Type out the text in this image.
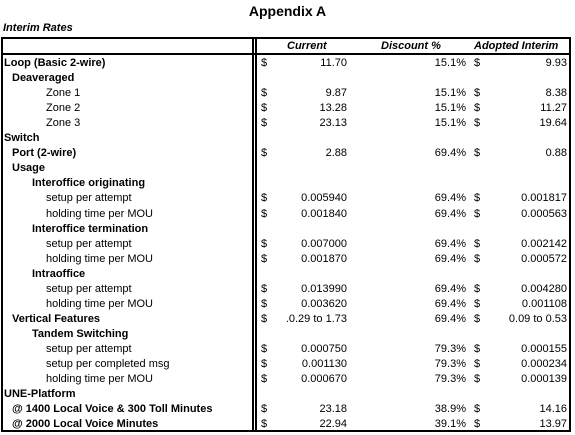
Appendix A
Interim Rates
Current	Discount %	Adopted Interim
Loop (Basic 2-wire)	$	11.70	15.1% $	9.93
Deaveraged
Zone 1	$	9.87	15.1% $	8.38
Zone 2	$	13.28	15.1% $	11.27
Zone 3	$	23.13	15.1% $	19.64
Switch
Port (2-wire)	$	2.88	69.4% $	0.88
Usage
Interoffice originating
setup per attempt	$	0.005940	69.4% $	0.001817
holding time per MOU	$	0.001840	69.4% $	0.000563
Interoffice termination
setup per attempt	$	0.007000	69.4% $	0.002142
holding time per MOU	$	0.001870	69.4% $	0.000572
Intraoffice
setup per attempt	$	0.013990	69.4% $	0.004280
holding time per MOU	$	0.003620	69.4% $	0.001108
Vertical Features	$ .0.29 to 1.73	69.4% $	0.09 to 0.53
Tandem Switching
setup per attempt	$	0.000750	79.3% $	0.000155
setup per completed msg	$	0.001130	79.3% $	0.000234
holding time per MOU	$	0.000670	79.3% $	0.000139
UNE-Platform
@ 1400 Local Voice & 300 Toll Minutes	$	23.18	38.9% $	14.16
@ 2000 Local Voice Minutes	$	22.94	39.1% $	13.97
